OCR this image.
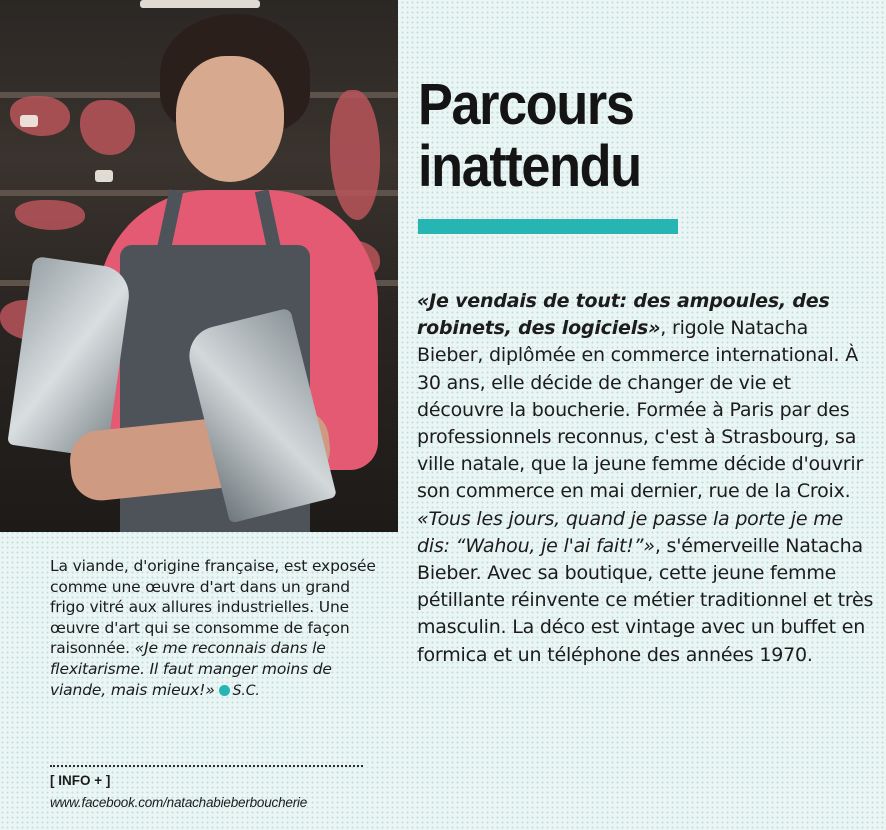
La viande, d'origine française, est exposée comme une œuvre d'art dans un grand frigo vitré aux allures industrielles. Une œuvre d'art qui se consomme de façon raisonnée. «Je me reconnais dans le flexitarisme. Il faut manger moins de viande, mais mieux!» S.C.

[ INFO + ]
www.facebook.com/natachabieberboucherie
Parcours
inattendu

«Je vendais de tout: des ampoules, des robinets, des logiciels», rigole Natacha Bieber, diplômée en commerce international. À 30 ans, elle décide de changer de vie et découvre la boucherie. Formée à Paris par des professionnels reconnus, c'est à Strasbourg, sa ville natale, que la jeune femme décide d'ouvrir son commerce en mai dernier, rue de la Croix. «Tous les jours, quand je passe la porte je me dis: “Wahou, je l'ai fait!”», s'émerveille Natacha Bieber. Avec sa boutique, cette jeune femme pétillante réinvente ce métier traditionnel et très masculin. La déco est vintage avec un buffet en formica et un téléphone des années 1970.
